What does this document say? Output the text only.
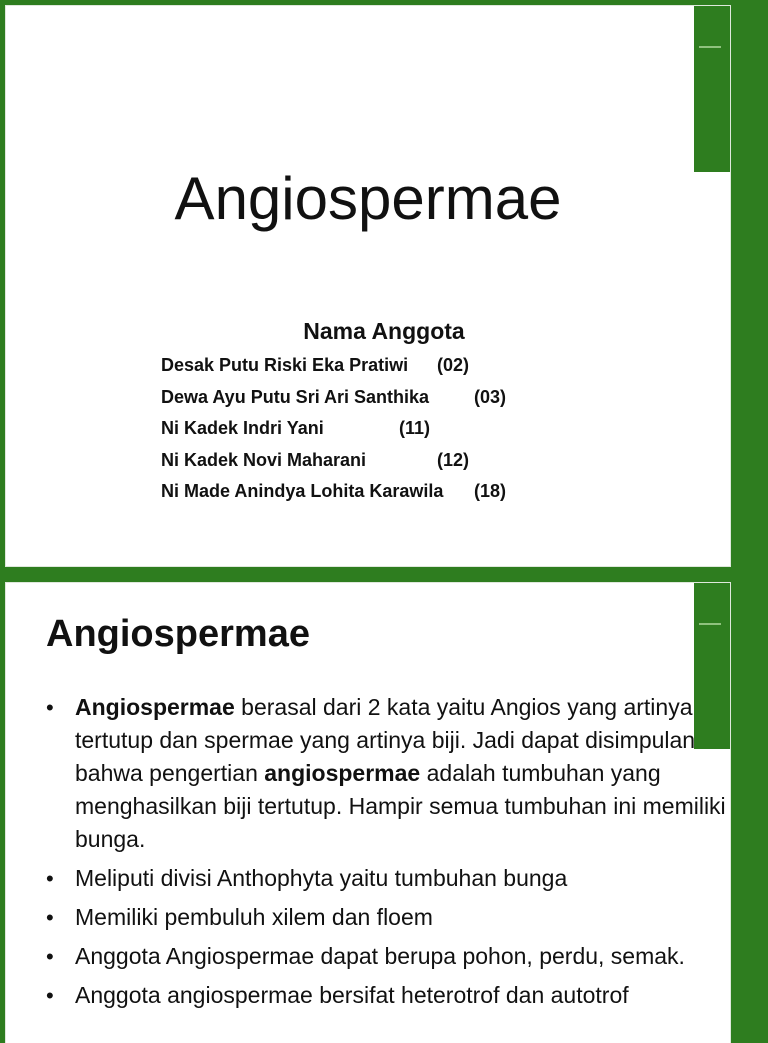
Angiospermae
Nama Anggota
Desak Putu Riski Eka Pratiwi (02)
Dewa Ayu Putu Sri Ari Santhika (03)
Ni Kadek Indri Yani	(11)
Ni Kadek Novi Maharani	(12)
Ni Made Anindya Lohita Karawila (18)
Angiospermae
• Angiospermae berasal dari 2 kata yaitu Angios yang artinya tertutup dan spermae yang artinya biji. Jadi dapat disimpulan bahwa pengertian angiospermae adalah tumbuhan yang menghasilkan biji tertutup. Hampir semua tumbuhan ini memiliki bunga.
• Meliputi divisi Anthophyta yaitu tumbuhan bunga
• Memiliki pembuluh xilem dan floem
• Anggota Angiospermae dapat berupa pohon, perdu, semak.
• Anggota angiospermae bersifat heterotrof dan autotrof
